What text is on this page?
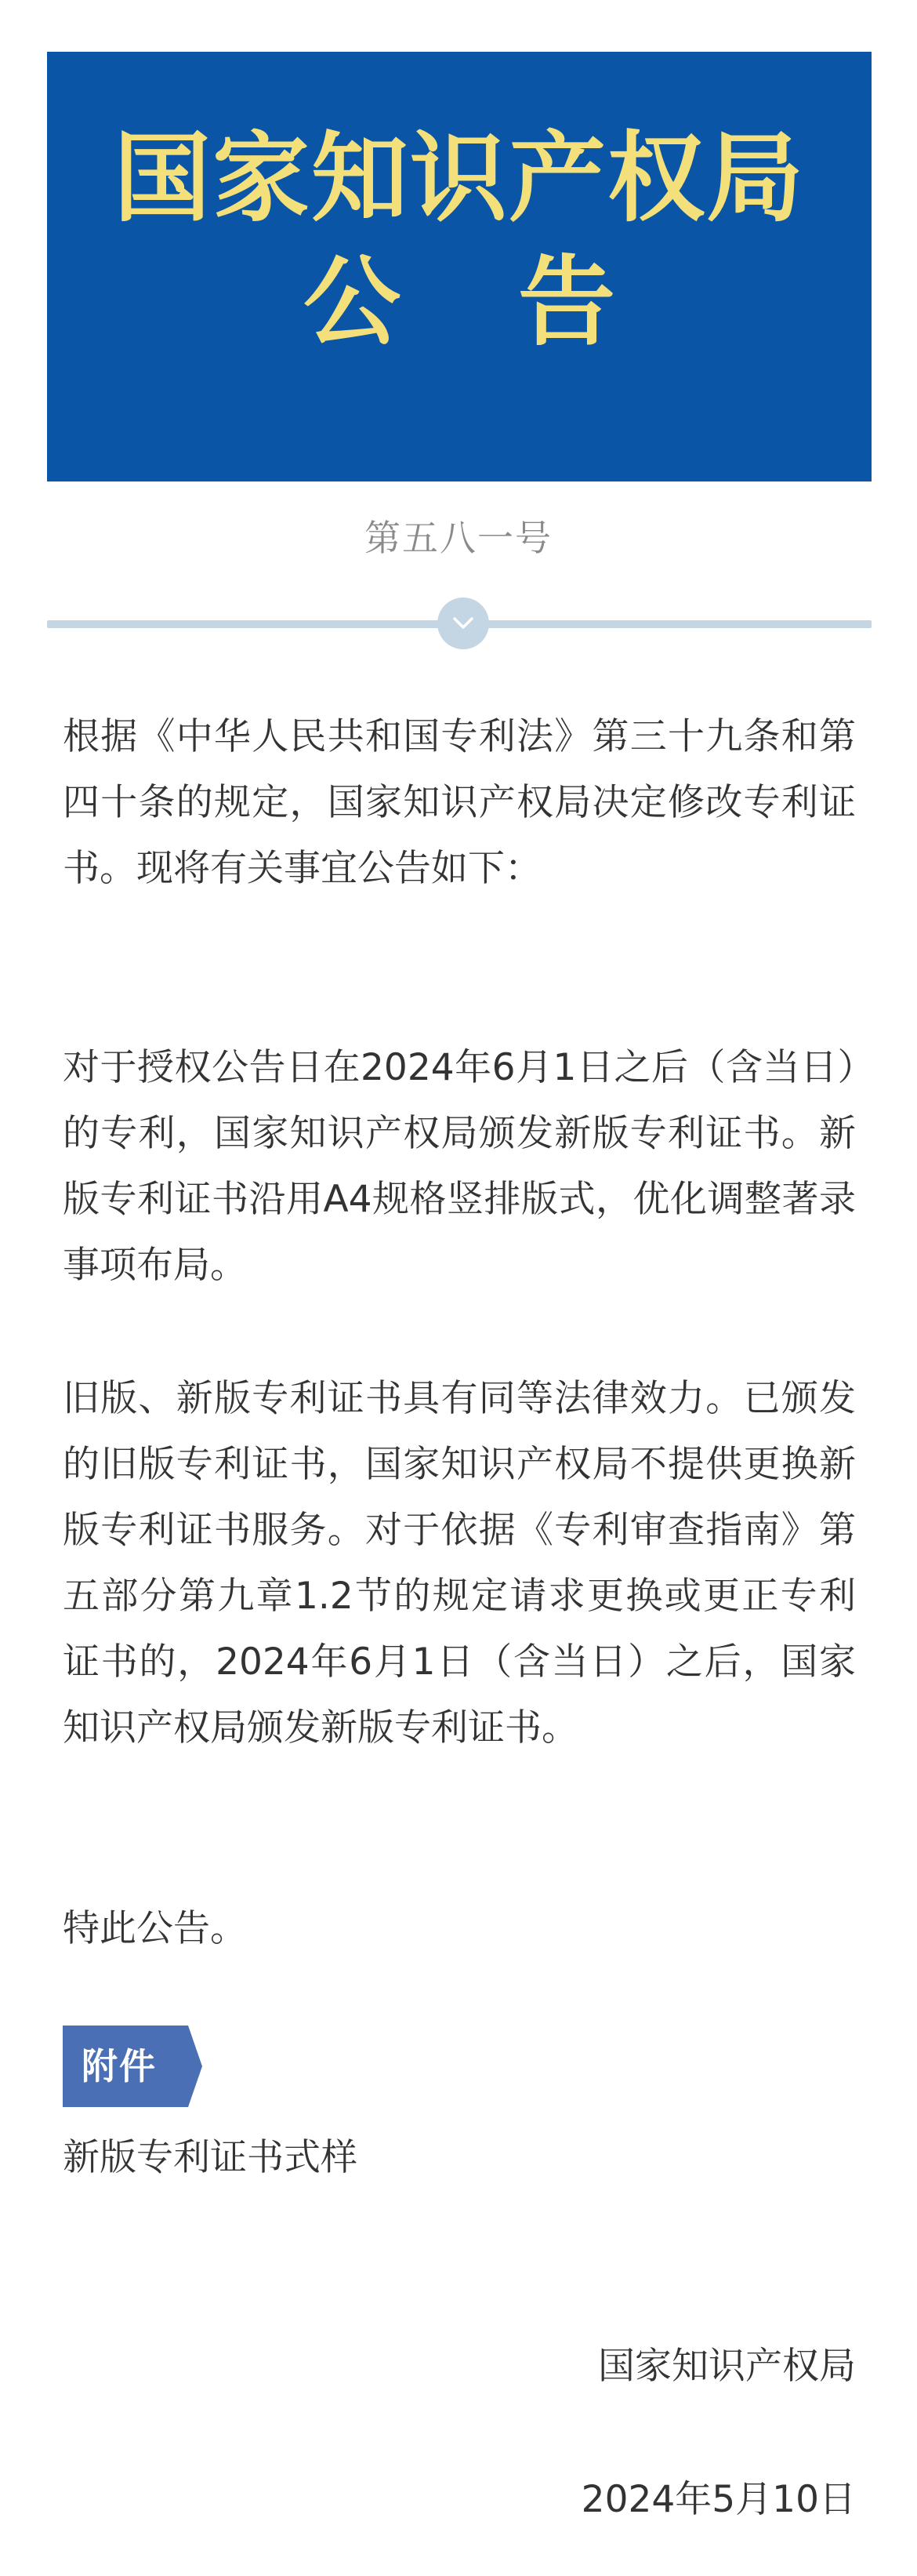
国家知识产权局
公 告
第五八一号

根据《中华人民共和国专利法》第三十九条和第四十条的规定，国家知识产权局决定修改专利证书。现将有关事宜公告如下：

对于授权公告日在2024年6月1日之后（含当日）的专利，国家知识产权局颁发新版专利证书。新版专利证书沿用A4规格竖排版式，优化调整著录事项布局。

旧版、新版专利证书具有同等法律效力。已颁发的旧版专利证书，国家知识产权局不提供更换新版专利证书服务。对于依据《专利审查指南》第五部分第九章1.2节的规定请求更换或更正专利证书的，2024年6月1日（含当日）之后，国家知识产权局颁发新版专利证书。

特此公告。

附件
新版专利证书式样
国家知识产权局
2024年5月10日
